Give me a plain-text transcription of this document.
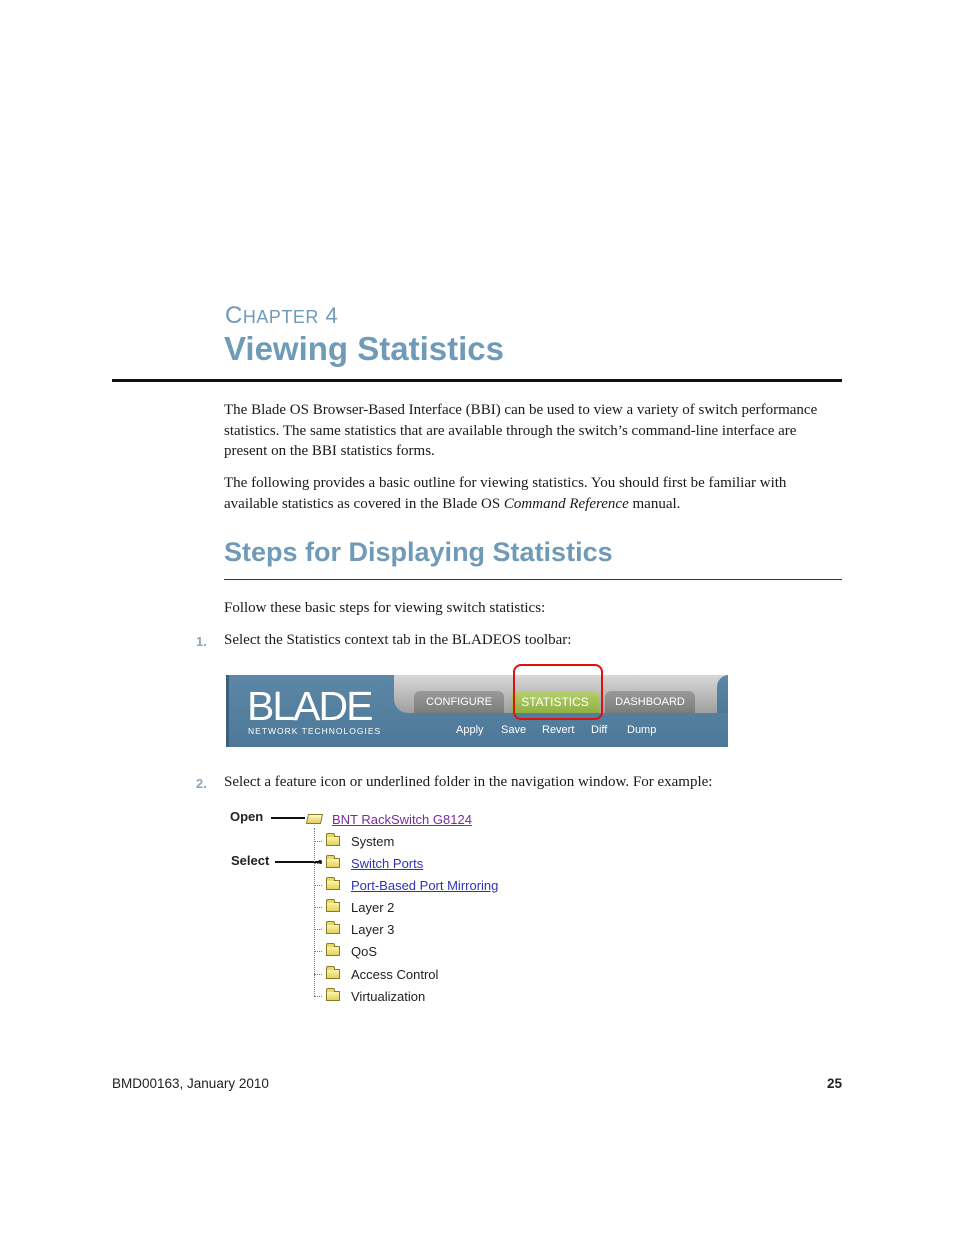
CHAPTER 4
Viewing Statistics

The Blade OS Browser-Based Interface (BBI) can be used to view a variety of switch performance statistics. The same statistics that are available through the switch’s command-line interface are present on the BBI statistics forms.

The following provides a basic outline for viewing statistics. You should first be familiar with available statistics as covered in the Blade OS Command Reference manual.

Steps for Displaying Statistics
Follow these basic steps for viewing switch statistics:
1. Select the Statistics context tab in the BLADEOS toolbar:
BLADE
NETWORK TECHNOLOGIES
CONFIGURE	STATISTICS	DASHBOARD
Apply Save Revert Diff Dump
2. Select a feature icon or underlined folder in the navigation window. For example:
Open
Select
BNT RackSwitch G8124
System
Switch Ports
Port-Based Port Mirroring
Layer 2
Layer 3
QoS
Access Control
Virtualization
BMD00163, January 2010	25
